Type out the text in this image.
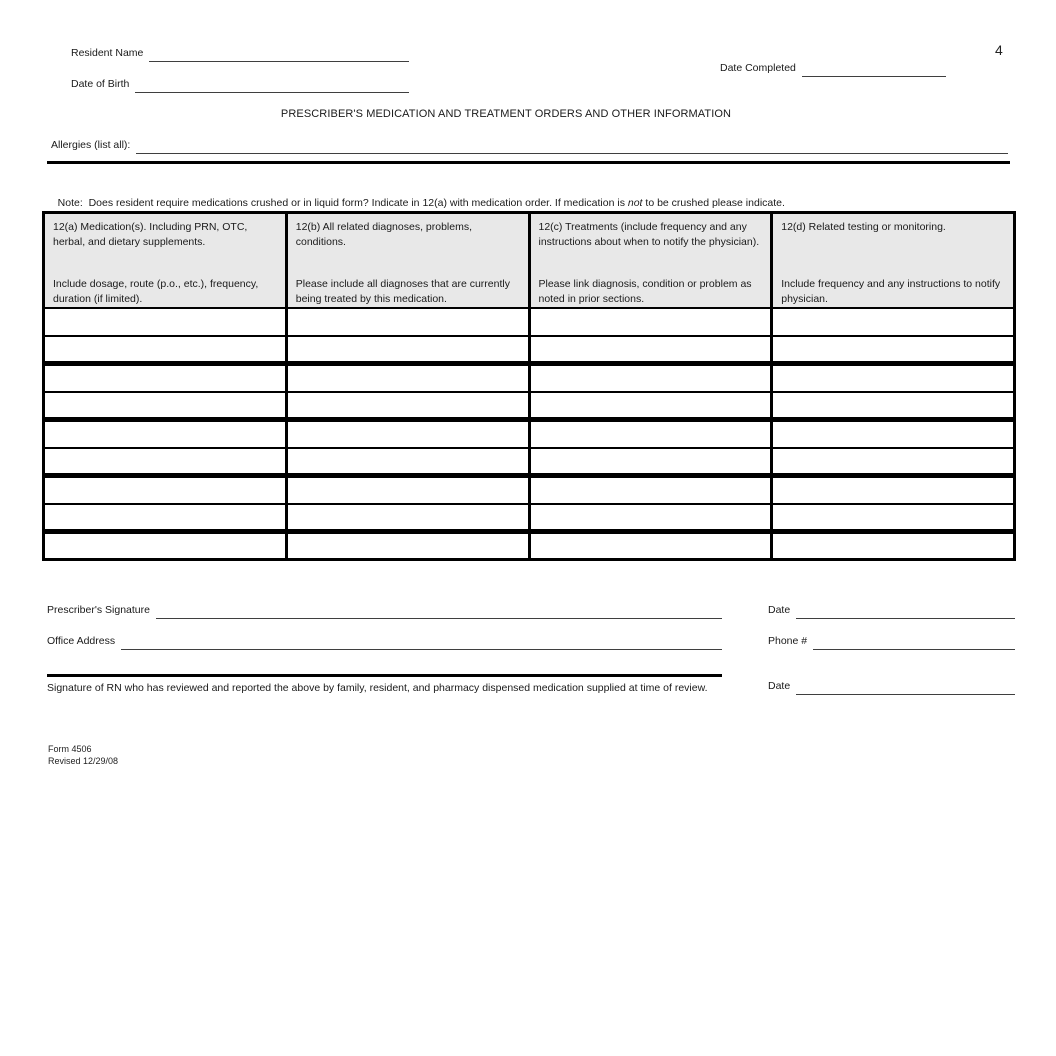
4
Resident Name
Date Completed
Date of Birth
PRESCRIBER'S MEDICATION AND TREATMENT ORDERS AND OTHER INFORMATION
Allergies (list all):

Note:  Does resident require medications crushed or in liquid form? Indicate in 12(a) with medication order. If medication is not to be crushed please indicate.

12(a) Medication(s). Including PRN, OTC, herbal, and dietary supplements.
Include dosage, route (p.o., etc.), frequency, duration (if limited).

12(b) All related diagnoses, problems, conditions.
Please include all diagnoses that are currently being treated by this medication.

12(c) Treatments (include frequency and any instructions about when to notify the physician).
Please link diagnosis, condition or problem as noted in prior sections.

12(d) Related testing or monitoring.
Include frequency and any instructions to notify physician.

Prescriber's Signature	Date
Office Address	Phone #
Signature of RN who has reviewed and reported the above by family, resident, and pharmacy dispensed medication supplied at time of review.	Date
Form 4506
Revised 12/29/08
